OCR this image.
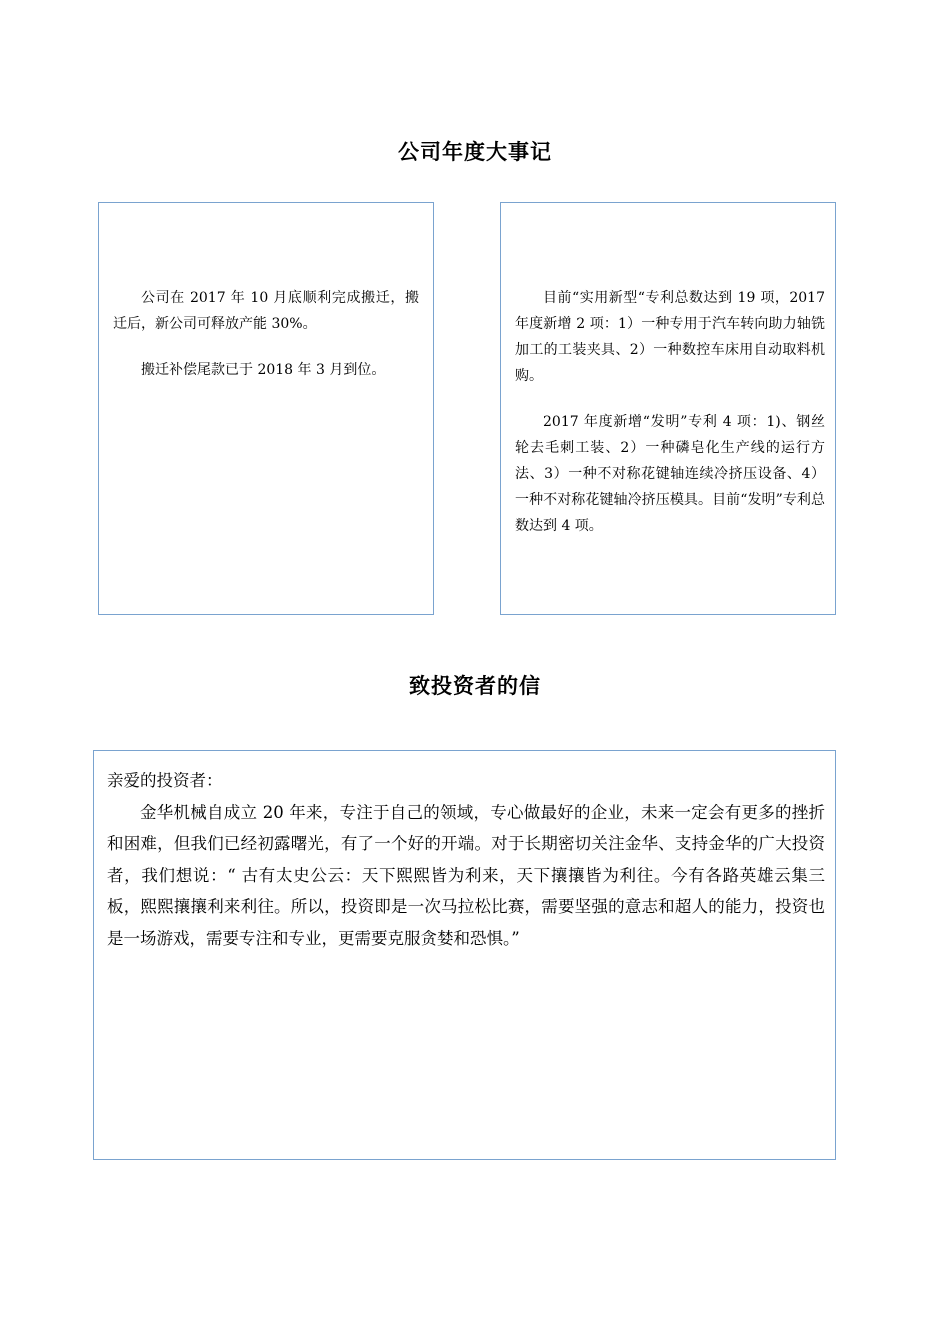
公司年度大事记

公司在 2017 年 10 月底顺利完成搬迁，搬迁后，新公司可释放产能 30%。

搬迁补偿尾款已于 2018 年 3 月到位。

目前“实用新型“专利总数达到 19 项，2017 年度新增 2 项：1）一种专用于汽车转向助力轴铣加工的工装夹具、2）一种数控车床用自动取料机购。

2017 年度新增“发明”专利 4 项：1)、钢丝轮去毛刺工装、2）一种磷皂化生产线的运行方法、3）一种不对称花键轴连续冷挤压设备、4）一种不对称花键轴冷挤压模具。目前“发明”专利总数达到 4 项。

致投资者的信

亲爱的投资者：

金华机械自成立 20 年来，专注于自己的领域，专心做最好的企业，未来一定会有更多的挫折和困难，但我们已经初露曙光，有了一个好的开端。对于长期密切关注金华、支持金华的广大投资者，我们想说：“ 古有太史公云：天下熙熙皆为利来，天下攘攘皆为利往。今有各路英雄云集三板，熙熙攘攘利来利往。所以，投资即是一次马拉松比赛，需要坚强的意志和超人的能力，投资也是一场游戏，需要专注和专业，更需要克服贪婪和恐惧。”
